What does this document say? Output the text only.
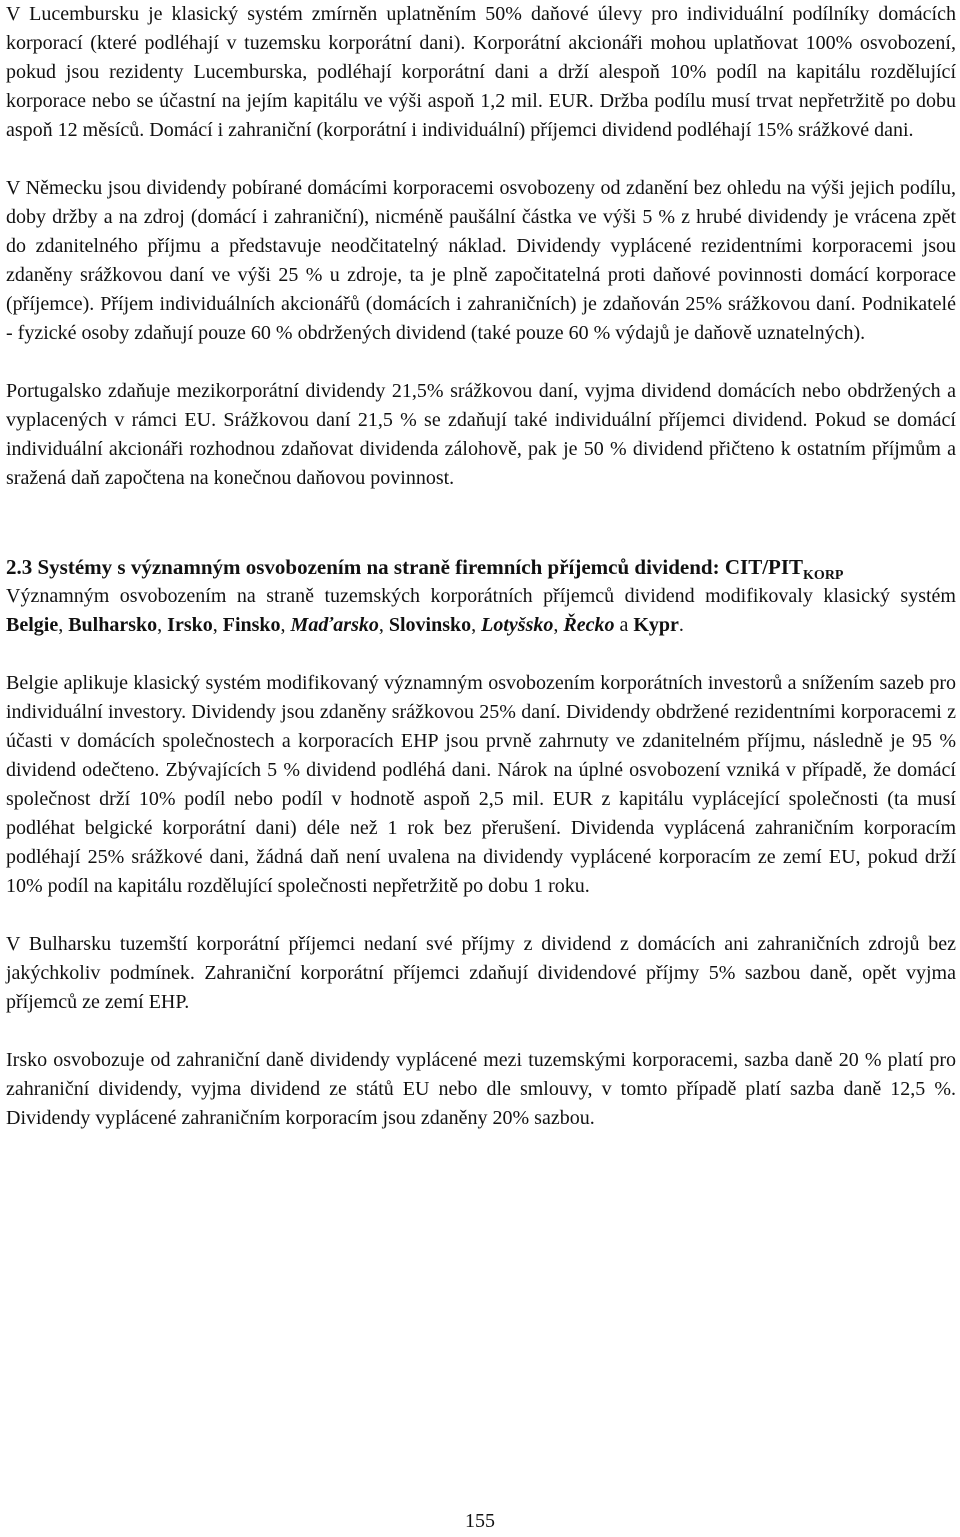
V Lucembursku je klasický systém zmírněn uplatněním 50% daňové úlevy pro individuální podílníky domácích korporací (které podléhají v tuzemsku korporátní dani). Korporátní akcionáři mohou uplatňovat 100% osvobození, pokud jsou rezidenty Lucemburska, podléhají korporátní dani a drží alespoň 10% podíl na kapitálu rozdělující korporace nebo se účastní na jejím kapitálu ve výši aspoň 1,2 mil. EUR. Držba podílu musí trvat nepřetržitě po dobu aspoň 12 měsíců. Domácí i zahraniční (korporátní i individuální) příjemci dividend podléhají 15% srážkové dani.

V Německu jsou dividendy pobírané domácími korporacemi osvobozeny od zdanění bez ohledu na výši jejich podílu, doby držby a na zdroj (domácí i zahraniční), nicméně paušální částka ve výši 5 % z hrubé dividendy je vrácena zpět do zdanitelného příjmu a představuje neodčitatelný náklad. Dividendy vyplácené rezidentními korporacemi jsou zdaněny srážkovou daní ve výši 25 % u zdroje, ta je plně započitatelná proti daňové povinnosti domácí korporace (příjemce). Příjem individuálních akcionářů (domácích i zahraničních) je zdaňován 25% srážkovou daní. Podnikatelé - fyzické osoby zdaňují pouze 60 % obdržených dividend (také pouze 60 % výdajů je daňově uznatelných).

Portugalsko zdaňuje mezikorporátní dividendy 21,5% srážkovou daní, vyjma dividend domácích nebo obdržených a vyplacených v rámci EU. Srážkovou daní 21,5 % se zdaňují také individuální příjemci dividend. Pokud se domácí individuální akcionáři rozhodnou zdaňovat dividenda zálohově, pak je 50 % dividend přičteno k ostatním příjmům a sražená daň započtena na konečnou daňovou povinnost.

2.3 Systémy s významným osvobozením na straně firemních příjemců dividend: CIT/$PIT_{KORP}$

Významným osvobozením na straně tuzemských korporátních příjemců dividend modifikovaly klasický systém Belgie, Bulharsko, Irsko, Finsko, Maďarsko, Slovinsko, Lotyšsko, Řecko a Kypr.

Belgie aplikuje klasický systém modifikovaný významným osvobozením korporátních investorů a snížením sazeb pro individuální investory. Dividendy jsou zdaněny srážkovou 25% daní. Dividendy obdržené rezidentními korporacemi z účasti v domácích společnostech a korporacích EHP jsou prvně zahrnuty ve zdanitelném příjmu, následně je 95 % dividend odečteno. Zbývajících 5 % dividend podléhá dani. Nárok na úplné osvobození vzniká v případě, že domácí společnost drží 10% podíl nebo podíl v hodnotě aspoň 2,5 mil. EUR z kapitálu vyplácející společnosti (ta musí podléhat belgické korporátní dani) déle než 1 rok bez přerušení. Dividenda vyplácená zahraničním korporacím podléhají 25% srážkové dani, žádná daň není uvalena na dividendy vyplácené korporacím ze zemí EU, pokud drží 10% podíl na kapitálu rozdělující společnosti nepřetržitě po dobu 1 roku.

V Bulharsku tuzemští korporátní příjemci nedaní své příjmy z dividend z domácích ani zahraničních zdrojů bez jakýchkoliv podmínek. Zahraniční korporátní příjemci zdaňují dividendové příjmy 5% sazbou daně, opět vyjma příjemců ze zemí EHP.

Irsko osvobozuje od zahraniční daně dividendy vyplácené mezi tuzemskými korporacemi, sazba daně 20 % platí pro zahraniční dividendy, vyjma dividend ze států EU nebo dle smlouvy, v tomto případě platí sazba daně 12,5 %. Dividendy vyplácené zahraničním korporacím jsou zdaněny 20% sazbou.

155
